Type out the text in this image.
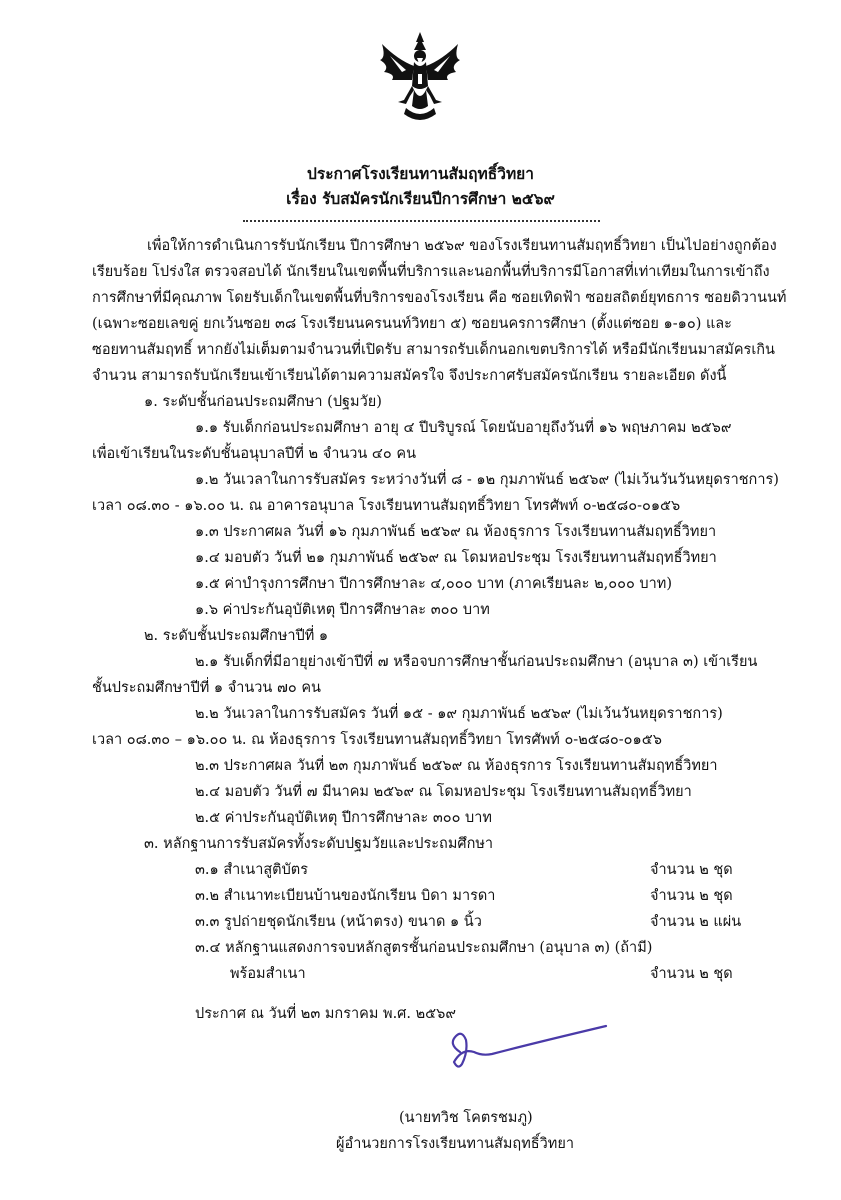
ประกาศโรงเรียนทานสัมฤทธิ์วิทยา
เรื่อง รับสมัครนักเรียนปีการศึกษา ๒๕๖๙
เพื่อให้การดำเนินการรับนักเรียน ปีการศึกษา ๒๕๖๙ ของโรงเรียนทานสัมฤทธิ์วิทยา เป็นไปอย่างถูกต้อง
เรียบร้อย โปร่งใส ตรวจสอบได้ นักเรียนในเขตพื้นที่บริการและนอกพื้นที่บริการมีโอกาสที่เท่าเทียมในการเข้าถึง
การศึกษาที่มีคุณภาพ โดยรับเด็กในเขตพื้นที่บริการของโรงเรียน คือ ซอยเทิดฟ้า ซอยสถิตย์ยุทธการ ซอยดิวานนท์
(เฉพาะซอยเลขคู่ ยกเว้นซอย ๓๘ โรงเรียนนครนนท์วิทยา ๕) ซอยนครการศึกษา (ตั้งแต่ซอย ๑-๑๐) และ
ซอยทานสัมฤทธิ์ หากยังไม่เต็มตามจำนวนที่เปิดรับ สามารถรับเด็กนอกเขตบริการได้ หรือมีนักเรียนมาสมัครเกิน
จำนวน สามารถรับนักเรียนเข้าเรียนได้ตามความสมัครใจ จึงประกาศรับสมัครนักเรียน รายละเอียด ดังนี้
๑. ระดับชั้นก่อนประถมศึกษา (ปฐมวัย)
๑.๑ รับเด็กก่อนประถมศึกษา อายุ ๔ ปีบริบูรณ์ โดยนับอายุถึงวันที่ ๑๖ พฤษภาคม ๒๕๖๙
เพื่อเข้าเรียนในระดับชั้นอนุบาลปีที่ ๒ จำนวน ๔๐ คน
๑.๒ วันเวลาในการรับสมัคร ระหว่างวันที่ ๘ - ๑๒ กุมภาพันธ์ ๒๕๖๙ (ไม่เว้นวันวันหยุดราชการ)
เวลา ๐๘.๓๐ - ๑๖.๐๐ น. ณ อาคารอนุบาล โรงเรียนทานสัมฤทธิ์วิทยา โทรศัพท์ ๐-๒๕๘๐-๐๑๕๖
๑.๓ ประกาศผล วันที่ ๑๖ กุมภาพันธ์ ๒๕๖๙ ณ ห้องธุรการ โรงเรียนทานสัมฤทธิ์วิทยา
๑.๔ มอบตัว วันที่ ๒๑ กุมภาพันธ์ ๒๕๖๙ ณ โดมหอประชุม โรงเรียนทานสัมฤทธิ์วิทยา
๑.๕ ค่าบำรุงการศึกษา ปีการศึกษาละ ๔,๐๐๐ บาท (ภาคเรียนละ ๒,๐๐๐ บาท)
๑.๖ ค่าประกันอุบัติเหตุ ปีการศึกษาละ ๓๐๐ บาท
๒. ระดับชั้นประถมศึกษาปีที่ ๑
๒.๑ รับเด็กที่มีอายุย่างเข้าปีที่ ๗ หรือจบการศึกษาชั้นก่อนประถมศึกษา (อนุบาล ๓) เข้าเรียน
ชั้นประถมศึกษาปีที่ ๑ จำนวน ๗๐ คน
๒.๒ วันเวลาในการรับสมัคร วันที่ ๑๕ - ๑๙ กุมภาพันธ์ ๒๕๖๙ (ไม่เว้นวันหยุดราชการ)
เวลา ๐๘.๓๐ – ๑๖.๐๐ น. ณ ห้องธุรการ โรงเรียนทานสัมฤทธิ์วิทยา โทรศัพท์ ๐-๒๕๘๐-๐๑๕๖
๒.๓ ประกาศผล วันที่ ๒๓ กุมภาพันธ์ ๒๕๖๙ ณ ห้องธุรการ โรงเรียนทานสัมฤทธิ์วิทยา
๒.๔ มอบตัว วันที่ ๗ มีนาคม ๒๕๖๙ ณ โดมหอประชุม โรงเรียนทานสัมฤทธิ์วิทยา
๒.๕ ค่าประกันอุบัติเหตุ ปีการศึกษาละ ๓๐๐ บาท
๓. หลักฐานการรับสมัครทั้งระดับปฐมวัยและประถมศึกษา
๓.๑ สำเนาสูติบัตร	จำนวน ๒ ชุด
๓.๒ สำเนาทะเบียนบ้านของนักเรียน บิดา มารดา	จำนวน ๒ ชุด
๓.๓ รูปถ่ายชุดนักเรียน (หน้าตรง) ขนาด ๑ นิ้ว	จำนวน ๒ แผ่น
๓.๔ หลักฐานแสดงการจบหลักสูตรชั้นก่อนประถมศึกษา (อนุบาล ๓) (ถ้ามี)
พร้อมสำเนา	จำนวน ๒ ชุด
ประกาศ ณ วันที่ ๒๓ มกราคม พ.ศ. ๒๕๖๙
(นายทวิช โคตรชมภู)
ผู้อำนวยการโรงเรียนทานสัมฤทธิ์วิทยา
